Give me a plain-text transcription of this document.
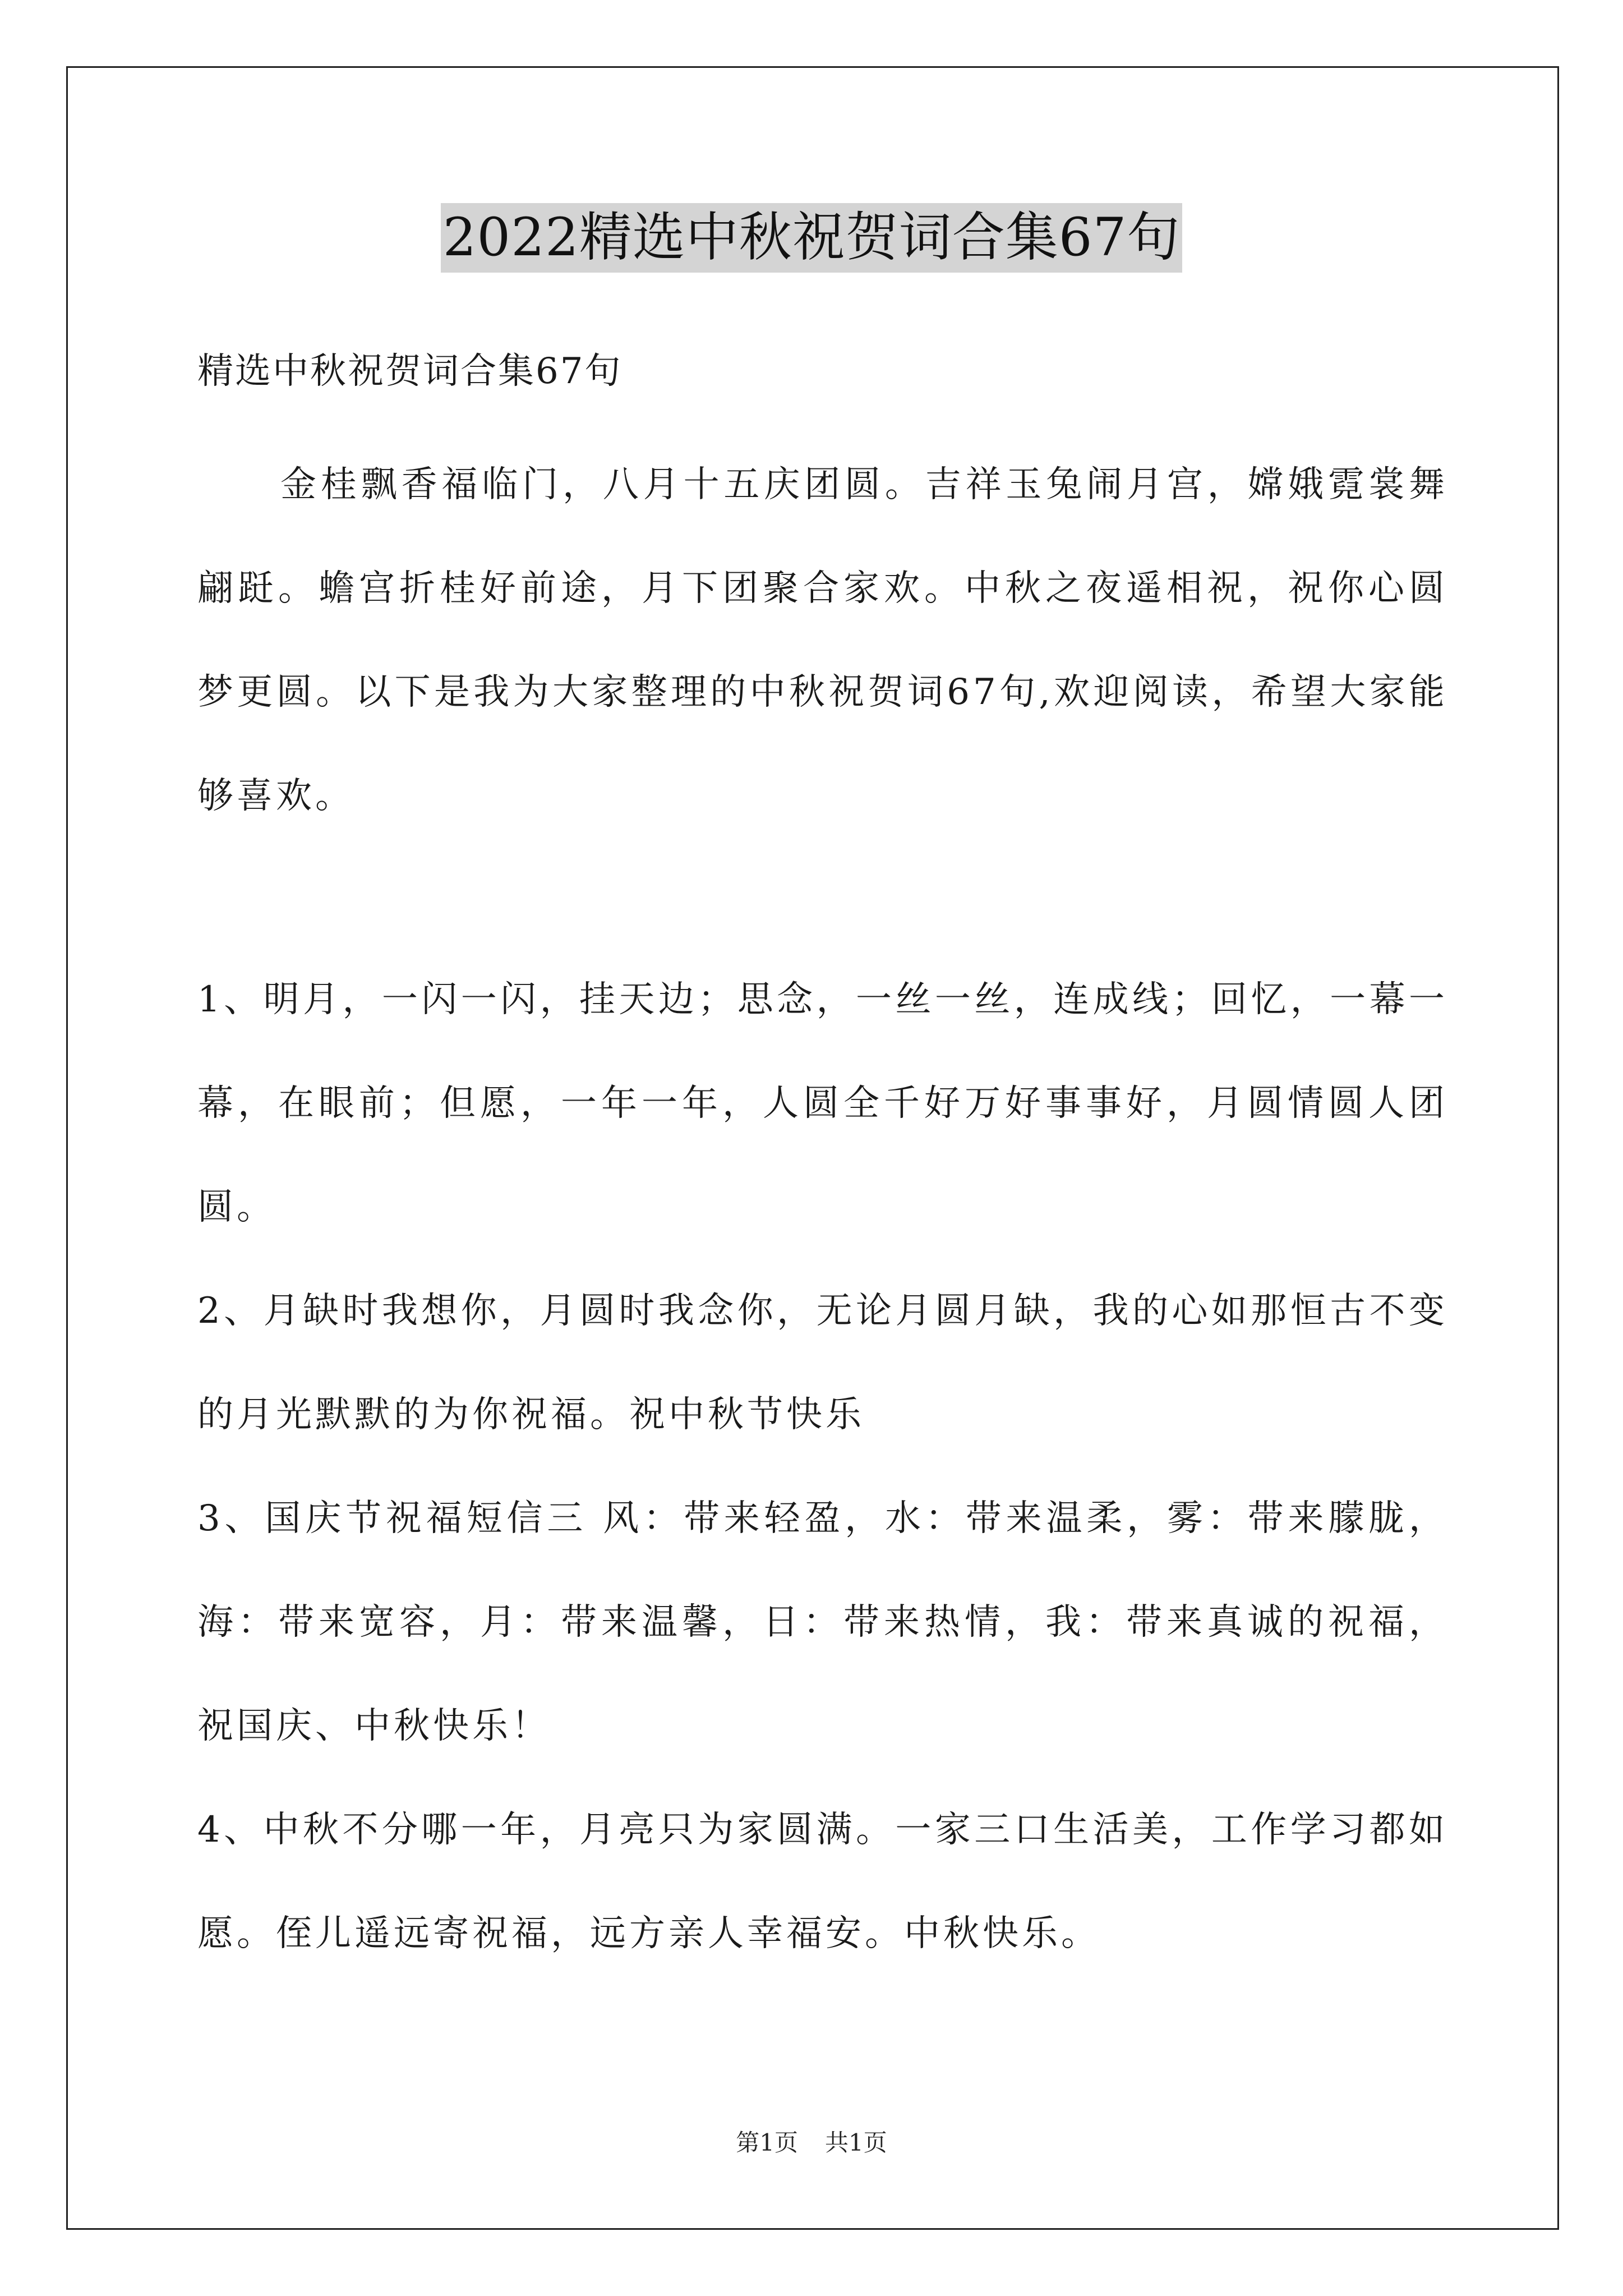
2022精选中秋祝贺词合集67句

精选中秋祝贺词合集67句

金桂飘香福临门，八月十五庆团圆。吉祥玉兔闹月宫，嫦娥霓裳舞翩跹。蟾宫折桂好前途，月下团聚合家欢。中秋之夜遥相祝，祝你心圆梦更圆。以下是我为大家整理的中秋祝贺词67句,欢迎阅读，希望大家能够喜欢。

1、明月，一闪一闪，挂天边；思念，一丝一丝，连成线；回忆，一幕一幕，在眼前；但愿，一年一年，人圆全千好万好事事好，月圆情圆人团圆。

2、月缺时我想你，月圆时我念你，无论月圆月缺，我的心如那恒古不变的月光默默的为你祝福。祝中秋节快乐

3、国庆节祝福短信三 风：带来轻盈，水：带来温柔，雾：带来朦胧，海：带来宽容，月：带来温馨，日：带来热情，我：带来真诚的祝福，祝国庆、中秋快乐！

4、中秋不分哪一年，月亮只为家圆满。一家三口生活美，工作学习都如愿。侄儿遥远寄祝福，远方亲人幸福安。中秋快乐。

第1页 共1页
